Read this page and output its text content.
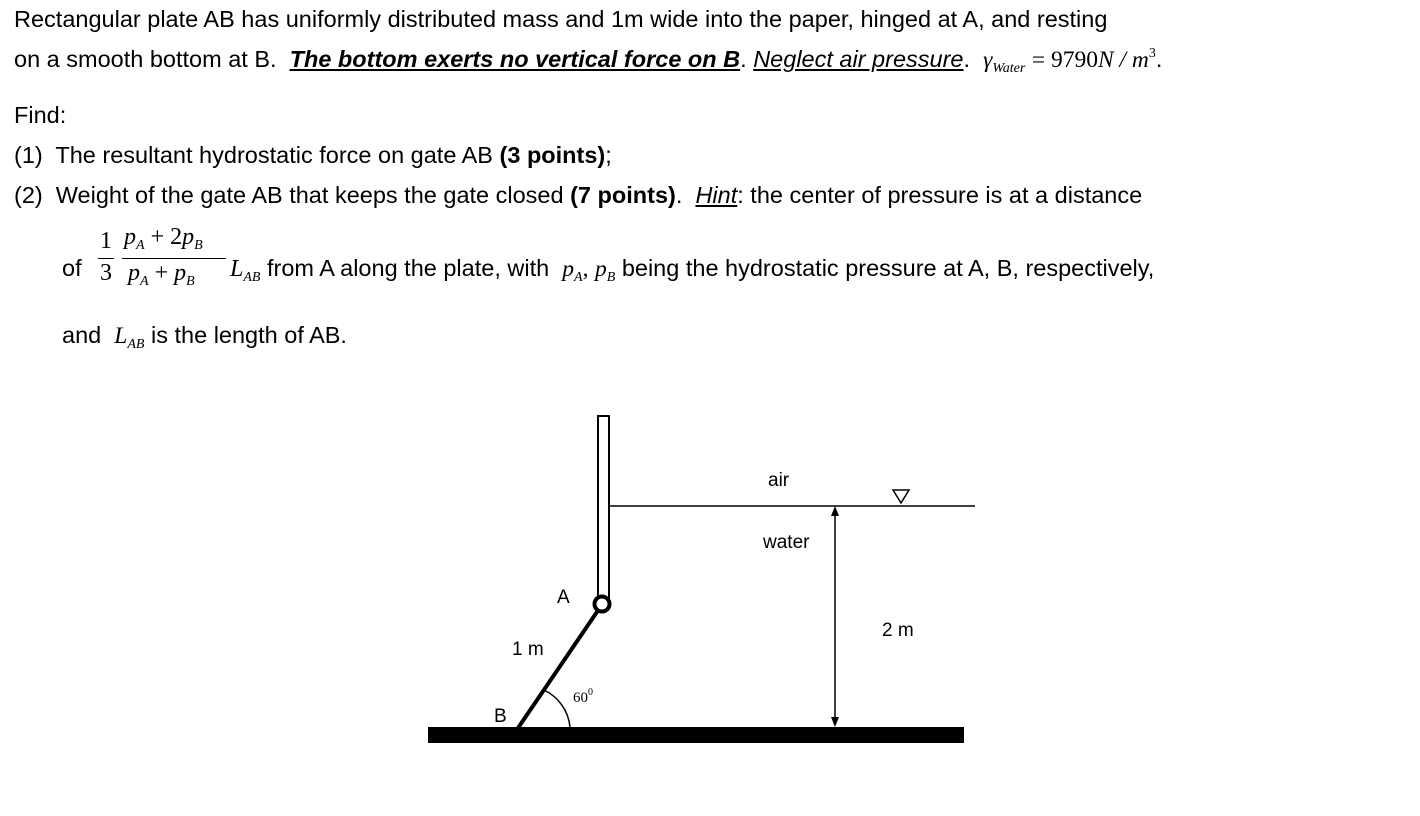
Rectangular plate AB has uniformly distributed mass and 1m wide into the paper, hinged at A, and resting
on a smooth bottom at B. The bottom exerts no vertical force on B. Neglect air pressure. $\gamma_{Water} = 9790N / m^3$.
Find:
(1) The resultant hydrostatic force on gate AB (3 points);
(2) Weight of the gate AB that keeps the gate closed (7 points). Hint: the center of pressure is at a distance
of
1
3
$p_A + 2p_B$
$p_A + p_B$ $L_{AB}$ from A along the plate, with $p_A$, $p_B$ being the hydrostatic pressure at A, B, respectively,
and $L_{AB}$ is the length of AB.
air
water
A
B
1 m
2 m
$60^0$
